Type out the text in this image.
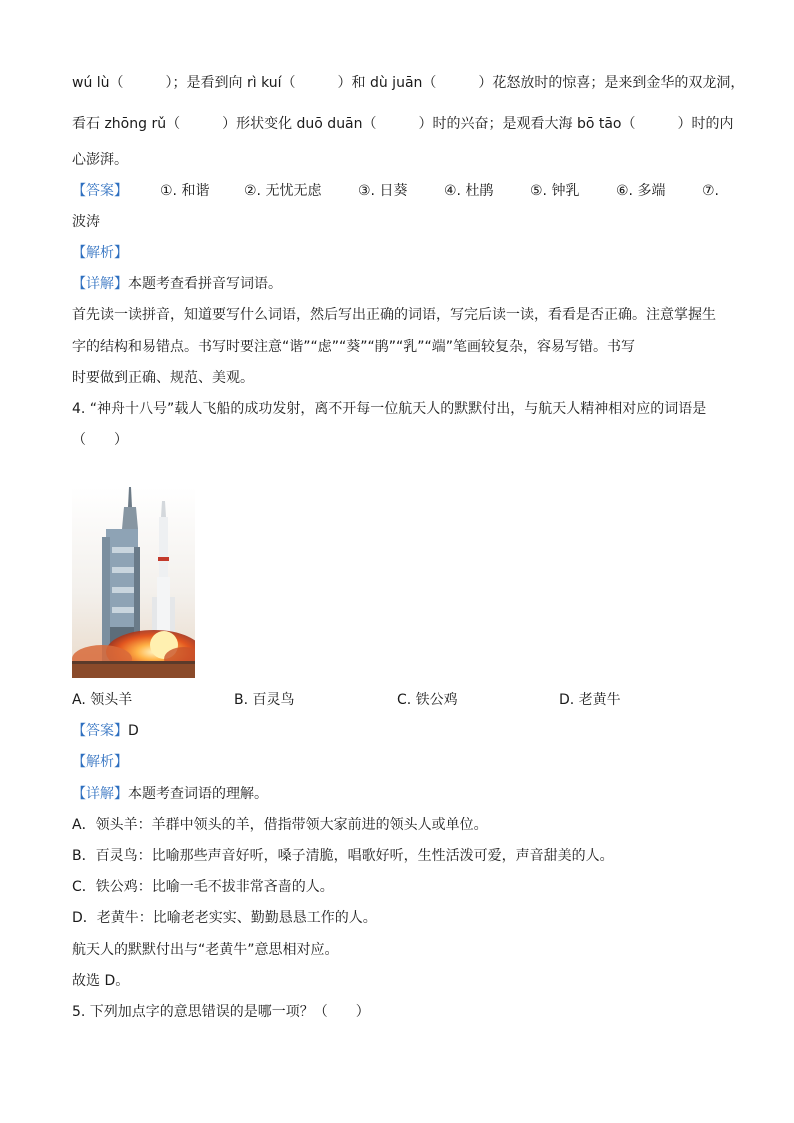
wú lù（　　　）；是看到向 rì kuí（　　　）和 dù juān（　　　）花怒放时的惊喜；是来到金华的双龙洞，
看石 zhōng rǔ（　　　）形状变化 duō duān（　　　）时的兴奋；是观看大海 bō tāo（　　　）时的内
心澎湃。
【答案】 ①. 和谐 ②. 无忧无虑	③. 日葵	④. 杜鹃	⑤. 钟乳	⑥. 多端	⑦.
波涛
【解析】
【详解】本题考查看拼音写词语。
首先读一读拼音，知道要写什么词语，然后写出正确的词语，写完后读一读，看看是否正确。注意掌握生
字的结构和易错点。书写时要注意“谐”“虑”“葵”“鹃”“乳”“端”笔画较复杂，容易写错。书写
时要做到正确、规范、美观。
4. “神舟十八号”载人飞船的成功发射，离不开每一位航天人的默默付出，与航天人精神相对应的词语是
（　　）
A. 领头羊	B. 百灵鸟	C. 铁公鸡	D. 老黄牛
【答案】D
【解析】
【详解】本题考查词语的理解。
A．领头羊：羊群中领头的羊，借指带领大家前进的领头人或单位。
B．百灵鸟：比喻那些声音好听，嗓子清脆，唱歌好听，生性活泼可爱，声音甜美的人。
C．铁公鸡：比喻一毛不拔非常吝啬的人。
D．老黄牛：比喻老老实实、勤勤恳恳工作的人。
航天人的默默付出与“老黄牛”意思相对应。
故选 D。
5. 下列加点字的意思错误的是哪一项？（　　）
